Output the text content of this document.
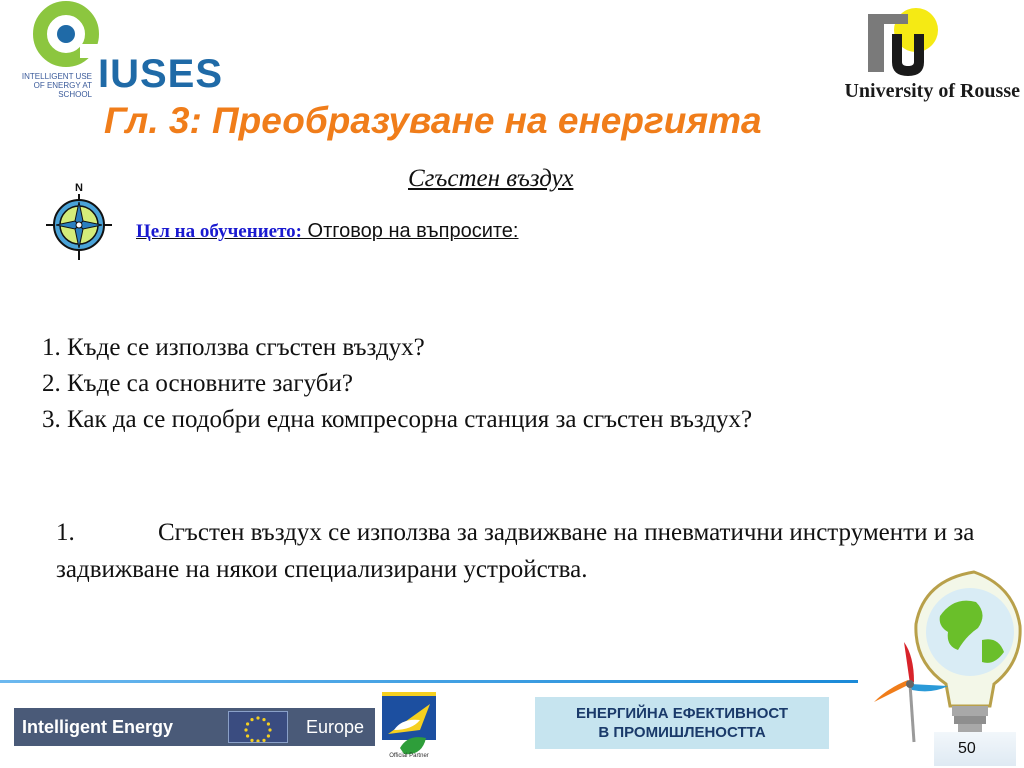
INTELLIGENT USE
OF ENERGY AT SCHOOL IUSES	University of Rousse
Гл. 3: Преобразуване на енергията
Сгъстен въздух
N
Цел на обучението: Отговор на въпросите:
1. Къде се използва сгъстен въздух?
2. Къде са основните загуби?
3. Как да се подобри една компресорна станция за сгъстен въздух?
1.	Сгъстен въздух се използва за задвижване на пневматични инструменти и за задвижване на някои специализирани устройства.
Intelligent Energy	Europe
Official Partner
ЕНЕРГИЙНА ЕФЕКТИВНОСТ
В ПРОМИШЛЕНОСТТА
50
